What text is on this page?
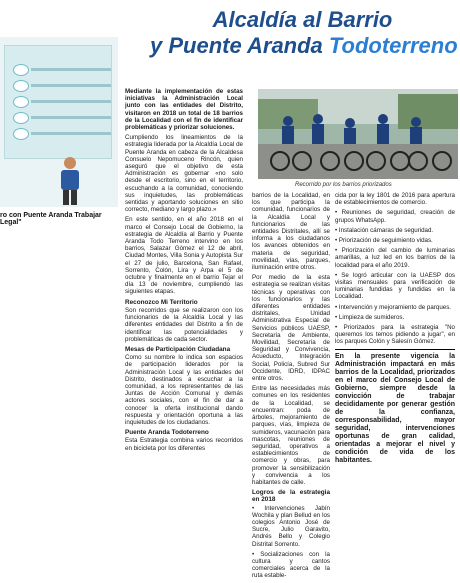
Alcaldía al Barrio
y Puente Aranda Todoterreno
ro con Puente Aranda Trabajar Legal"

Mediante la implementación de estas iniciativas la Administración Local junto con las entidades del Distrito, visitaron en 2018 un total de 18 barrios de la Localidad con el fin de identificar problemáticas y priorizar soluciones.

Cumpliendo los lineamientos de la estrategia liderada por la Alcaldía Local de Puente Aranda en cabeza de la Alcaldesa Consuelo Nepomuceno Rincón, quien aseguró que el objetivo de esta Administración es gobernar «no solo desde el escritorio, sino en el territorio, escuchando a la comunidad, conociendo sus inquietudes, las problemáticas sentidas y aportando soluciones en sitio correcto, mediano y largo plazo.»

En este sentido, en el año 2018 en el marco el Consejo Local de Gobierno, la estrategia de Alcaldía al Barrio y Puente Aranda Todo Terreno intervino en los barrios, Salazar Gómez el 12 de abril, Ciudad Montes, Villa Sonia y Autopista Sur el 27 de julio, Barcelona, San Rafael, Sorrento, Colón, Lira y Arpa el 5 de octubre y finalmente en el barrio Tejar el día 13 de noviembre, cumpliendo las siguientes etapas.

Reconozco Mi Territorio

Son recorridos que se realizaron con los funcionarios de la Alcaldía Local y las diferentes entidades del Distrito a fin de identificar las potencialidades y problemáticas de cada sector.

Mesas de Participación Ciudadana

Como su nombre lo indica son espacios de participación liderados por la Administración Local y las entidades del Distrito, destinados a escuchar a la comunidad, a los representantes de las Juntas de Acción Comunal y demás actores sociales, con el fin de dar a conocer la oferta institucional dando respuesta y orientación oportuna a las inquietudes de los ciudadanos.

Puente Aranda Todoterreno

Esta Estrategia combina varios recorridos en bicicleta por los diferentes

Recorrido por los barrios priorizados

barrios de la Localidad, en los que participa la comunidad, funcionarios de la Alcaldía Local y funcionarios de las entidades Distritales, allí se informa a los ciudadanos los avances obtenidos en materia de seguridad, movilidad, vías, parques, iluminación entre otros.

Por medio de la esta estrategia se realizan visitas técnicas y operativas con los funcionarios y las diferentes entidades distritales, Unidad Administrativa Especial de Servicios públicos UAESP, Secretaría de Ambiente, Movilidad, Secretaría de Seguridad y Convivencia, Acueducto, Integración Social, Policía, Subred Sur Occidente, IDRD, IDPAC entre otros.

Entre las necesidades más comunes en los residentes de la Localidad, se encuentran: poda de árboles, mejoramiento de parques, vías, limpieza de sumideros, vacunación para mascotas, reuniones de seguridad, operativos a establecimientos de comercio y obras, para promover la sensibilización y convivencia a los habitantes de calle.

Logros de la estrategia en 2018

• Intervenciones Jabín Wochila y plan Bellud en los colegios Antonio José de Sucre, Julio Garavito, Andrés Bello y Colegio Distrital Sorrento.

• Socializaciones con la cultura y cantos comerciales acerca de la ruta estable-

cida por la ley 1801 de 2016 para apertura de establecimientos de comercio.

• Reuniones de seguridad, creación de grupos WhatsApp.

• Instalación cámaras de seguridad.

• Priorización de seguimiento vidas.

• Priorización del cambio de luminarias amarillas, a luz led en los barrios de la localidad para el año 2019.

• Se logró articular con la UAESP dos visitas mensuales para verificación de luminarias fundidas y fundidas en la Localidad.

• Intervención y mejoramiento de parques.

• Limpieza de sumideros.

• Priorizados para la estrategia "No queremos los temos pidiendo a jugar", en los parques Colón y Salesín Gómez.

En la presente vigencia la Administración impactará en más barrios de la Localidad, priorizados en el marco del Consejo Local de Gobierno, siempre desde la convicción de trabajar decididamente por generar gestión de la confianza, corresponsabilidad, mayor seguridad, intervenciones oportunas de gran calidad, orientadas a mejorar el nivel y condición de vida de los habitantes.
